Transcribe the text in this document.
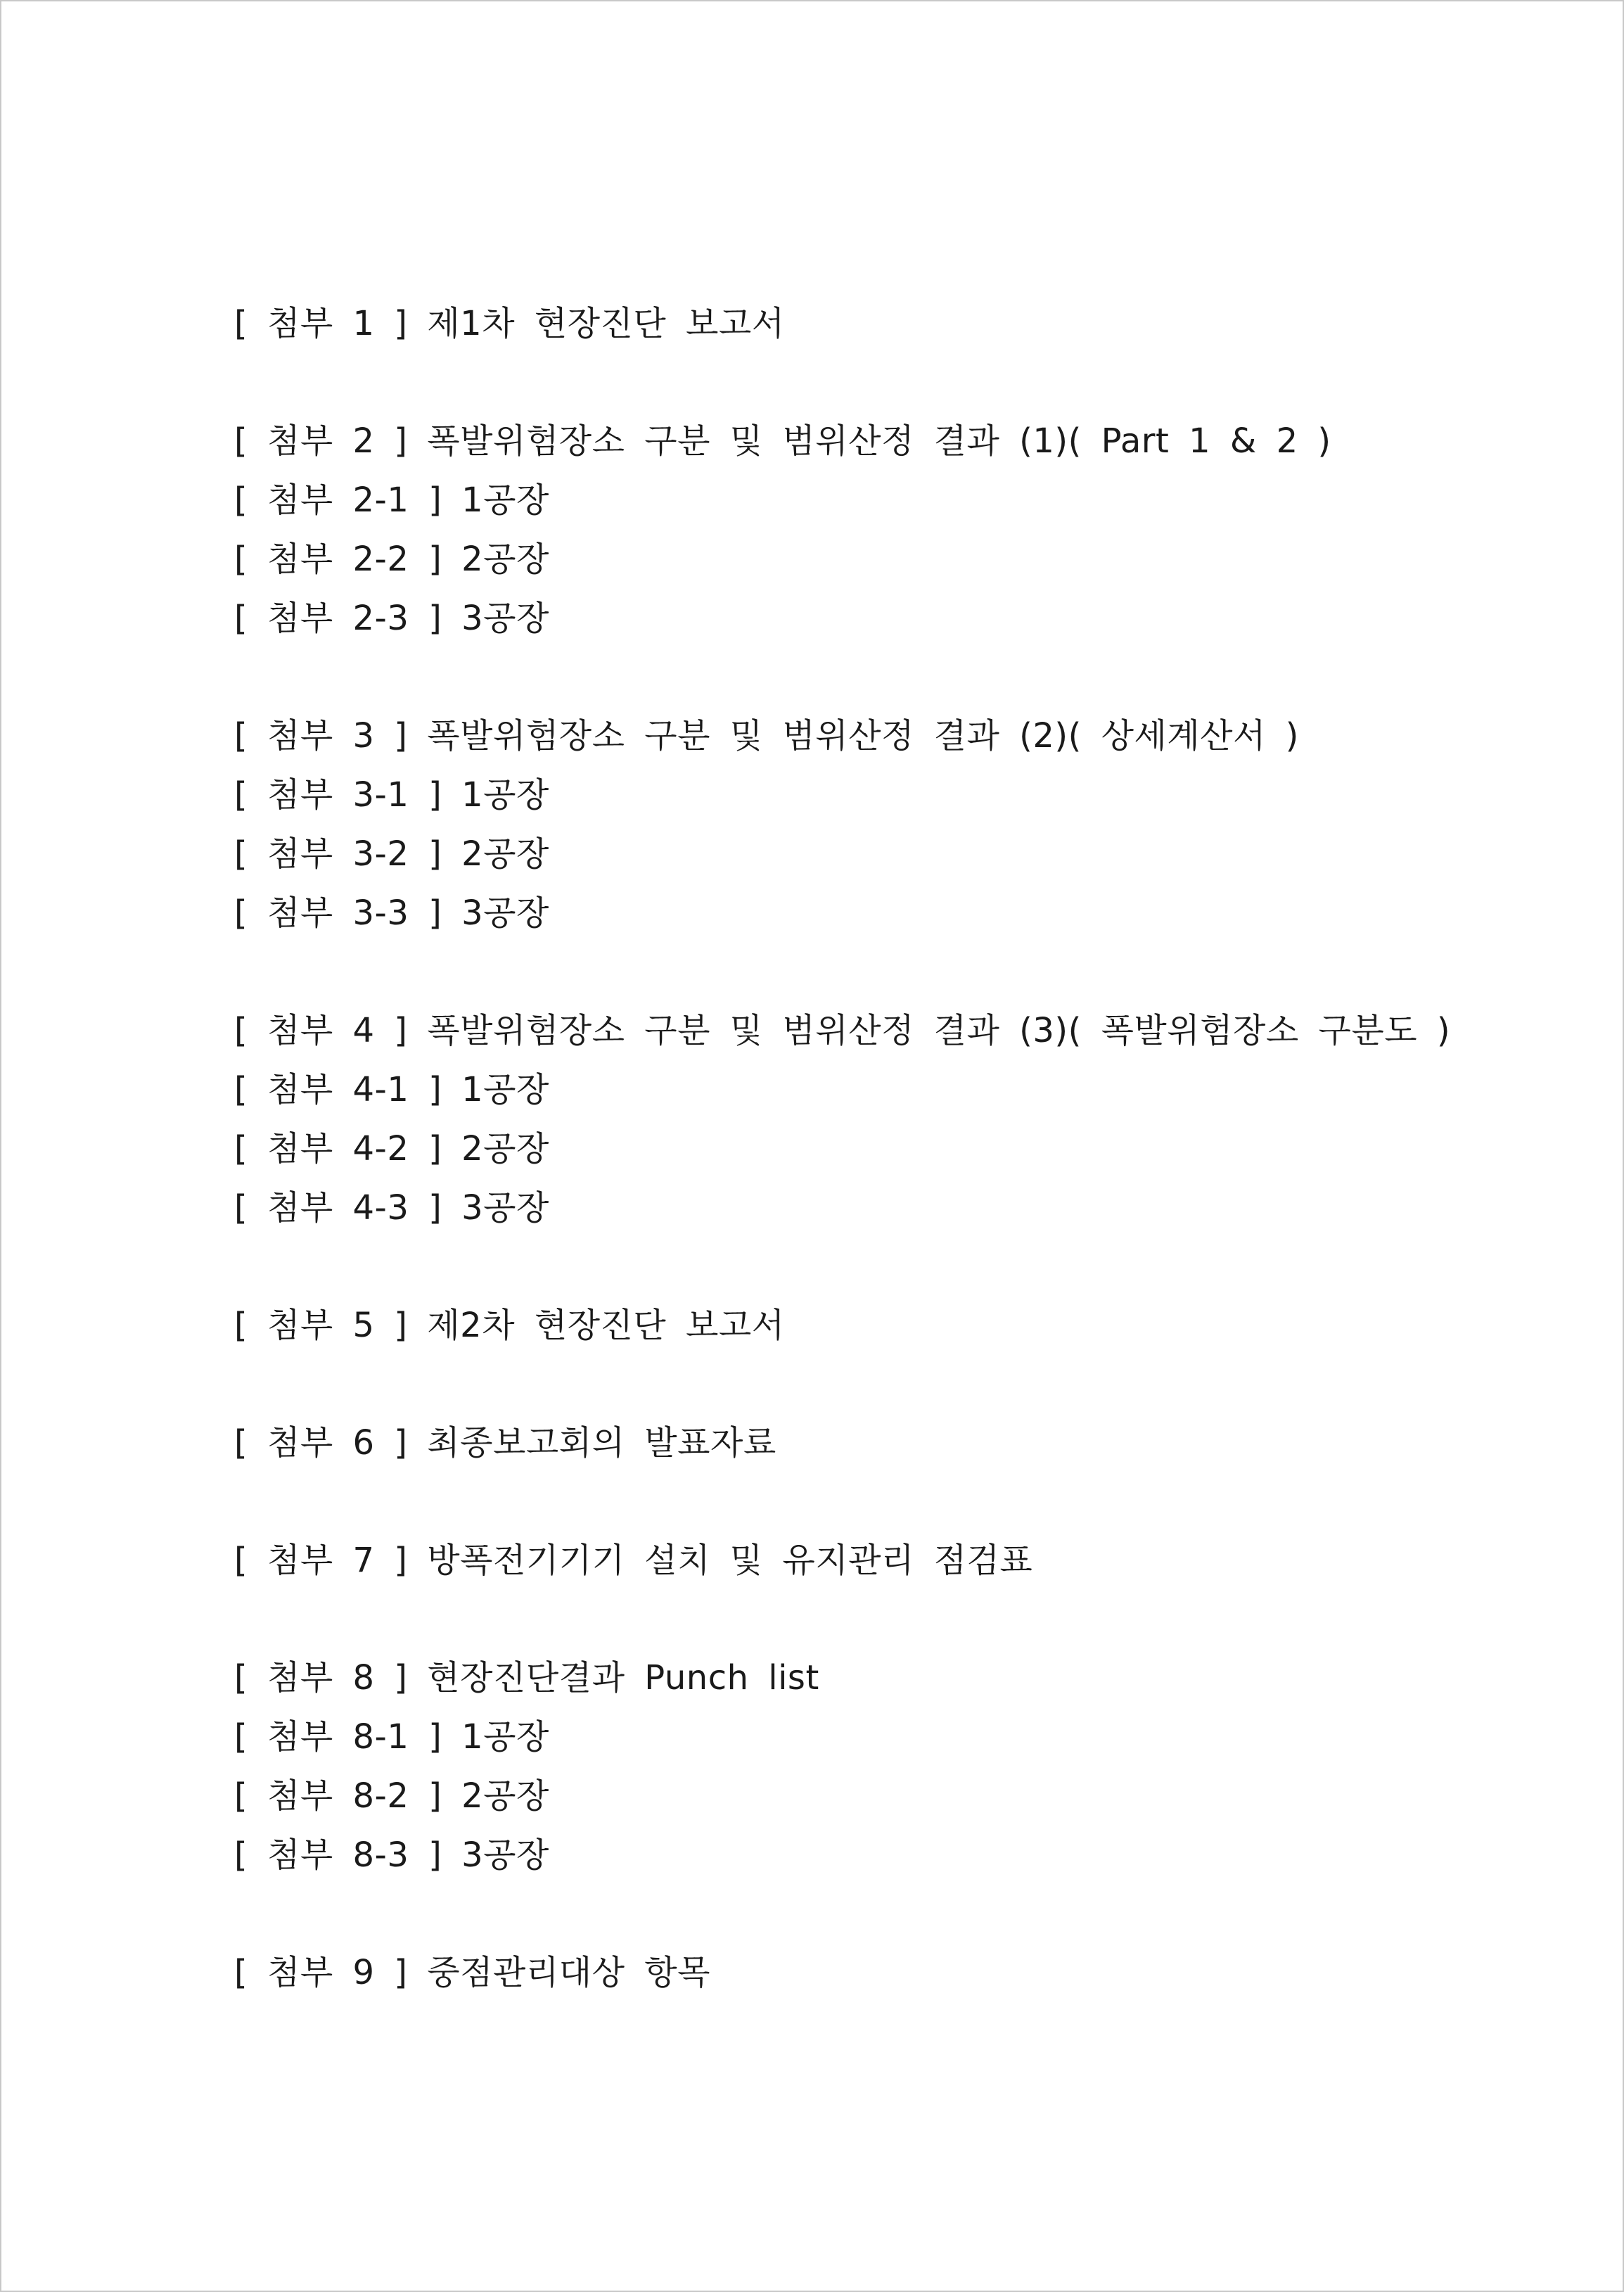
[ 첨부 1 ] 제1차 현장진단 보고서
[ 첨부 2 ] 폭발위험장소 구분 및 범위산정 결과 (1)( Part 1 & 2 )
[ 첨부 2-1 ] 1공장
[ 첨부 2-2 ] 2공장
[ 첨부 2-3 ] 3공장
[ 첨부 3 ] 폭발위험장소 구분 및 범위산정 결과 (2)( 상세계산서 )
[ 첨부 3-1 ] 1공장
[ 첨부 3-2 ] 2공장
[ 첨부 3-3 ] 3공장
[ 첨부 4 ] 폭발위험장소 구분 및 범위산정 결과 (3)( 폭발위험장소 구분도 )
[ 첨부 4-1 ] 1공장
[ 첨부 4-2 ] 2공장
[ 첨부 4-3 ] 3공장
[ 첨부 5 ] 제2차 현장진단 보고서
[ 첨부 6 ] 최종보고회의 발표자료
[ 첨부 7 ] 방폭전기기기 설치 및 유지관리 점검표
[ 첨부 8 ] 현장진단결과 Punch list
[ 첨부 8-1 ] 1공장
[ 첨부 8-2 ] 2공장
[ 첨부 8-3 ] 3공장
[ 첨부 9 ] 중점관리대상 항목
